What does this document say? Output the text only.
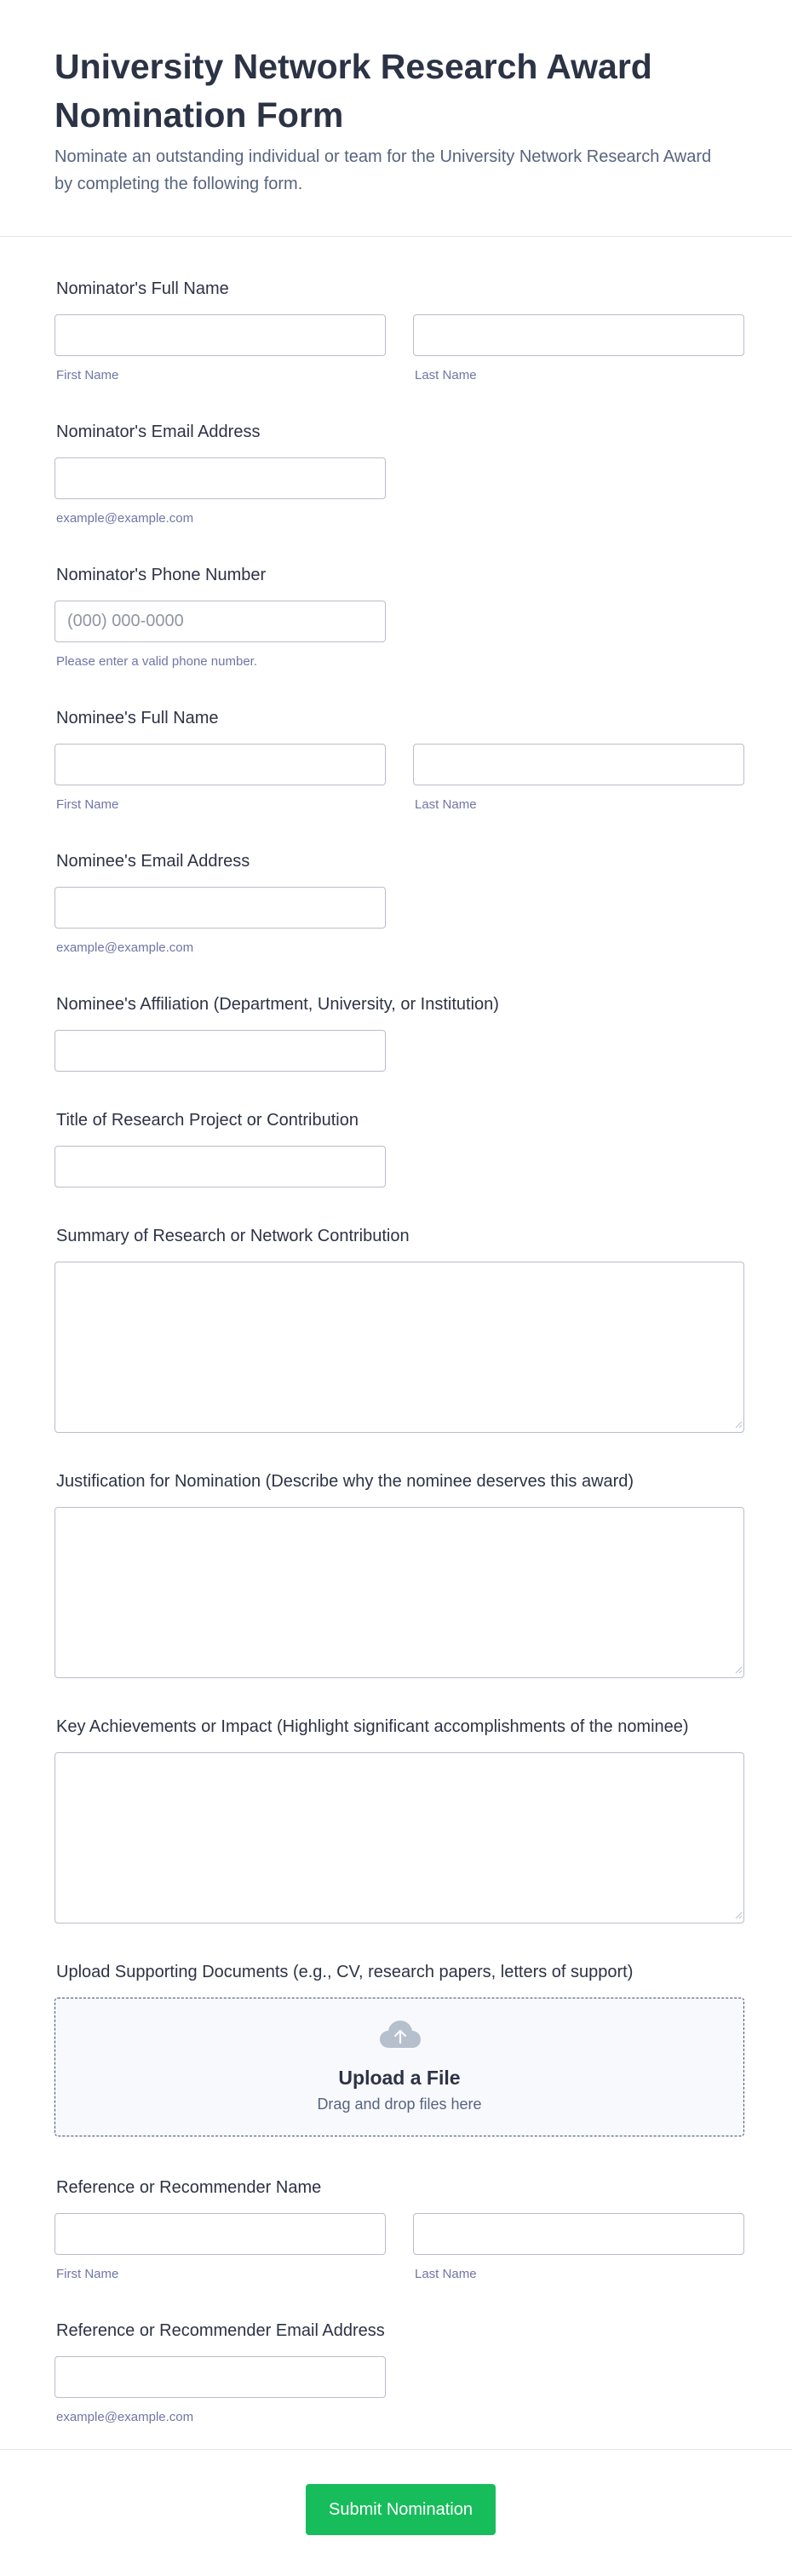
University Network Research Award Nomination Form

Nominate an outstanding individual or team for the University Network Research Award by completing the following form.

Nominator's Full Name
First Name	Last Name
Nominator's Email Address
example@example.com
Nominator's Phone Number
(000) 000-0000
Please enter a valid phone number.
Nominee's Full Name
First Name	Last Name
Nominee's Email Address
example@example.com
Nominee's Affiliation (Department, University, or Institution)
Title of Research Project or Contribution
Summary of Research or Network Contribution
Justification for Nomination (Describe why the nominee deserves this award)
Key Achievements or Impact (Highlight significant accomplishments of the nominee)
Upload Supporting Documents (e.g., CV, research papers, letters of support)
Upload a File
Drag and drop files here
Reference or Recommender Name
First Name	Last Name
Reference or Recommender Email Address
example@example.com
Submit Nomination
